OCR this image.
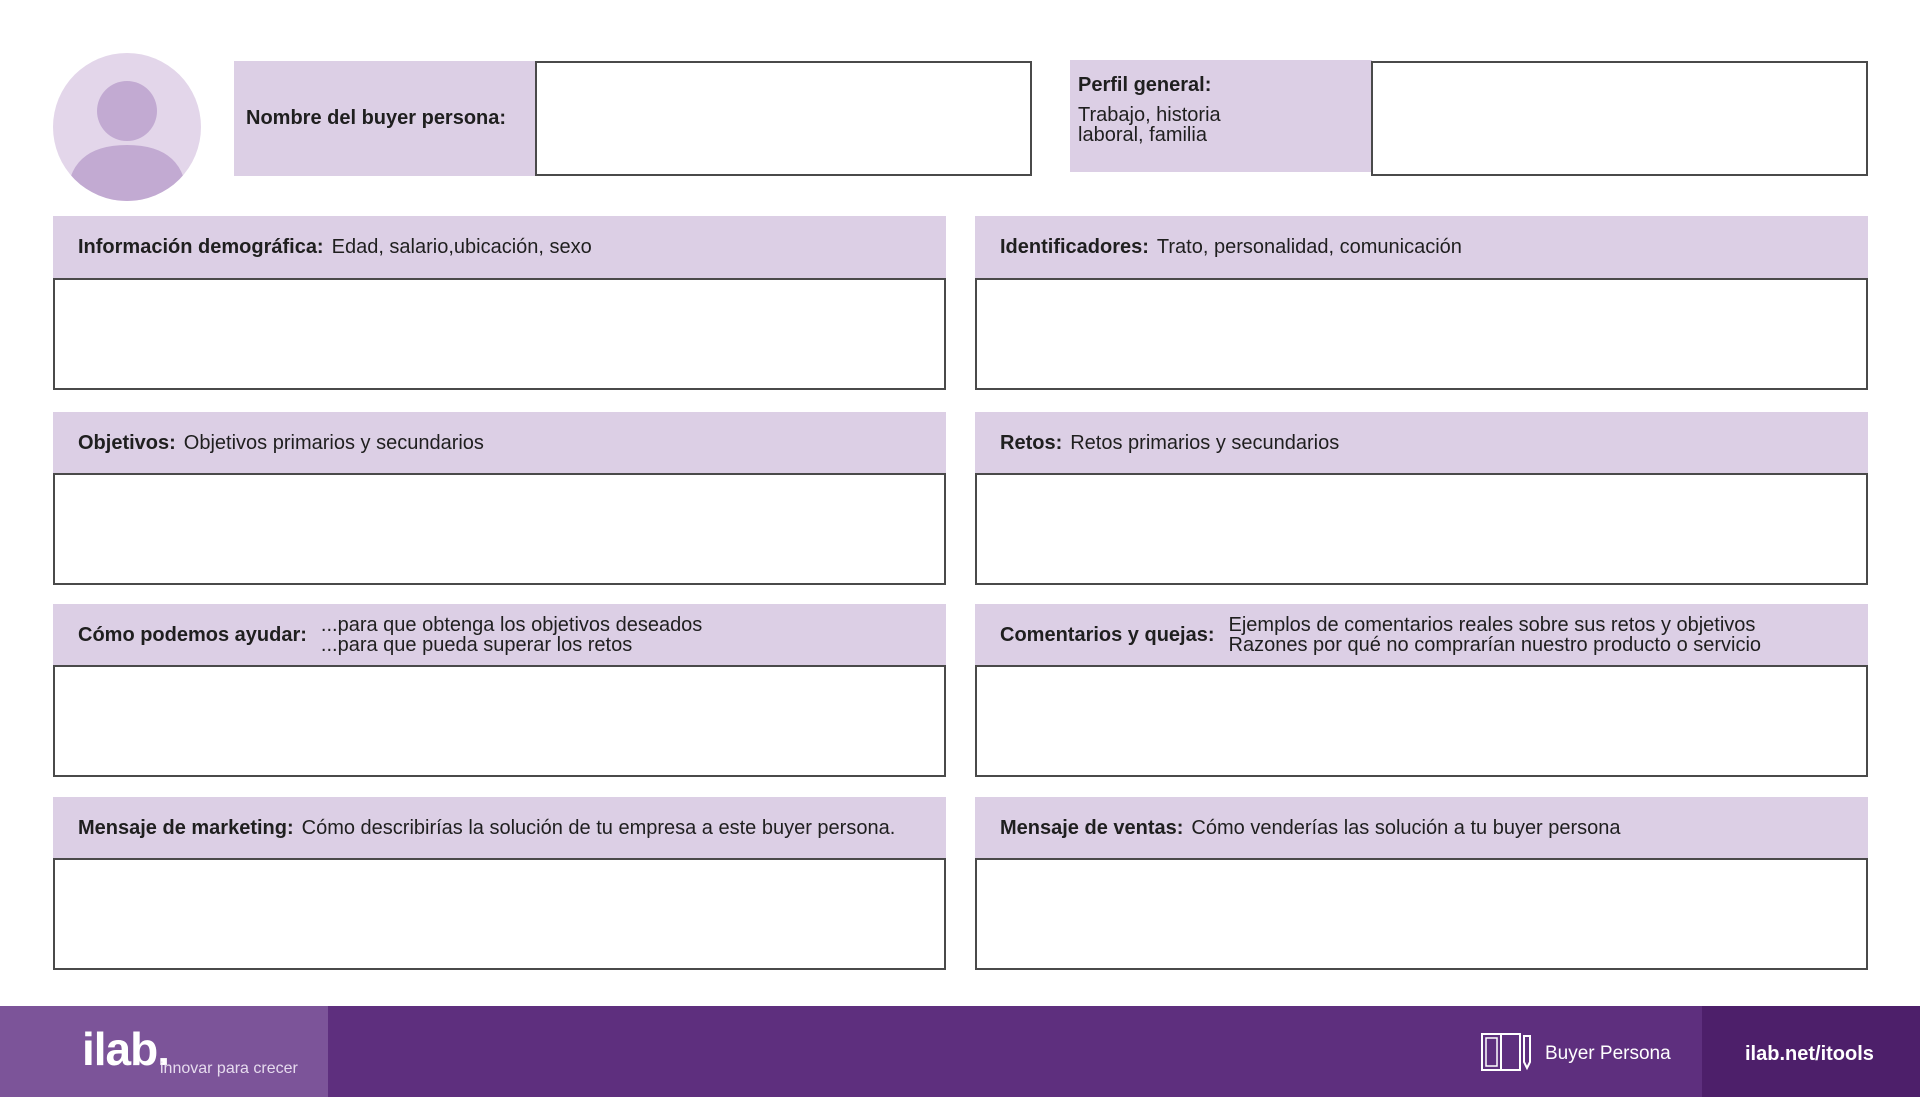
Nombre del buyer persona:
Perfil general:
Trabajo, historia laboral, familia
Información demográfica: Edad, salario,ubicación, sexo	Identificadores: Trato, personalidad, comunicación
Objetivos: Objetivos primarios y secundarios	Retos: Retos primarios y secundarios
Cómo podemos ayudar: ...para que obtenga los objetivos deseados
...para que pueda superar los retos	Comentarios y quejas: Ejemplos de comentarios reales sobre sus retos y objetivos
Razones por qué no comprarían nuestro producto o servicio
Mensaje de marketing: Cómo describirías la solución de tu empresa a este buyer persona.	Mensaje de ventas: Cómo venderías las solución a tu buyer persona
ilab.
innovar para crecer
Buyer Persona	ilab.net/itools
